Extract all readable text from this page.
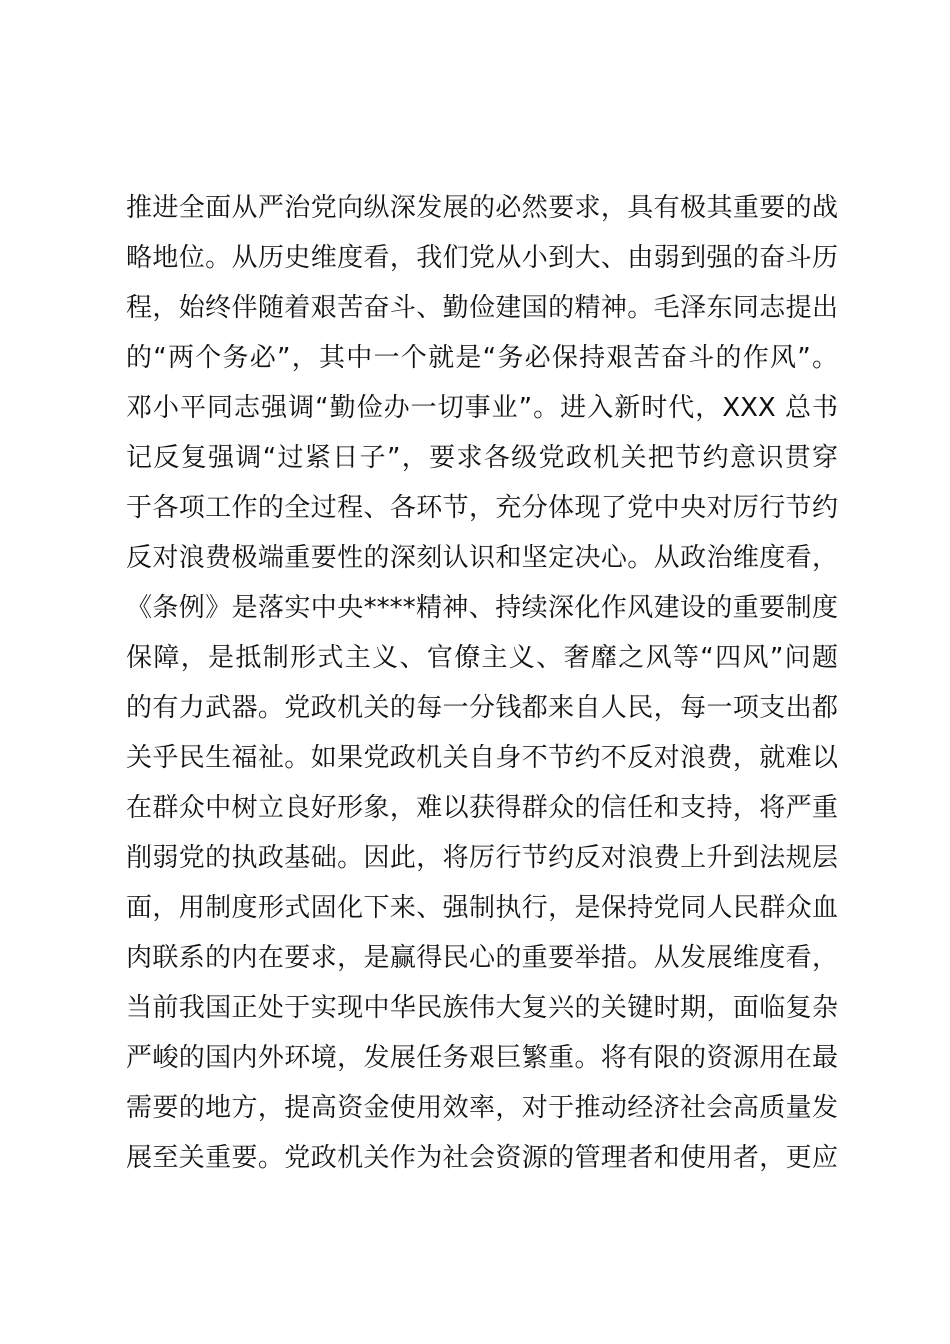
推进全面从严治党向纵深发展的必然要求，具有极其重要的战
略地位。从历史维度看，我们党从小到大、由弱到强的奋斗历
程，始终伴随着艰苦奋斗、勤俭建国的精神。毛泽东同志提出
的“两个务必”，其中一个就是“务必保持艰苦奋斗的作风”。
邓小平同志强调“勤俭办一切事业”。进入新时代，XXX 总书
记反复强调“过紧日子”，要求各级党政机关把节约意识贯穿
于各项工作的全过程、各环节，充分体现了党中央对厉行节约
反对浪费极端重要性的深刻认识和坚定决心。从政治维度看，
《条例》是落实中央****精神、持续深化作风建设的重要制度
保障，是抵制形式主义、官僚主义、奢靡之风等“四风”问题
的有力武器。党政机关的每一分钱都来自人民，每一项支出都
关乎民生福祉。如果党政机关自身不节约不反对浪费，就难以
在群众中树立良好形象，难以获得群众的信任和支持，将严重
削弱党的执政基础。因此，将厉行节约反对浪费上升到法规层
面，用制度形式固化下来、强制执行，是保持党同人民群众血
肉联系的内在要求，是赢得民心的重要举措。从发展维度看，
当前我国正处于实现中华民族伟大复兴的关键时期，面临复杂
严峻的国内外环境，发展任务艰巨繁重。将有限的资源用在最
需要的地方，提高资金使用效率，对于推动经济社会高质量发
展至关重要。党政机关作为社会资源的管理者和使用者，更应
